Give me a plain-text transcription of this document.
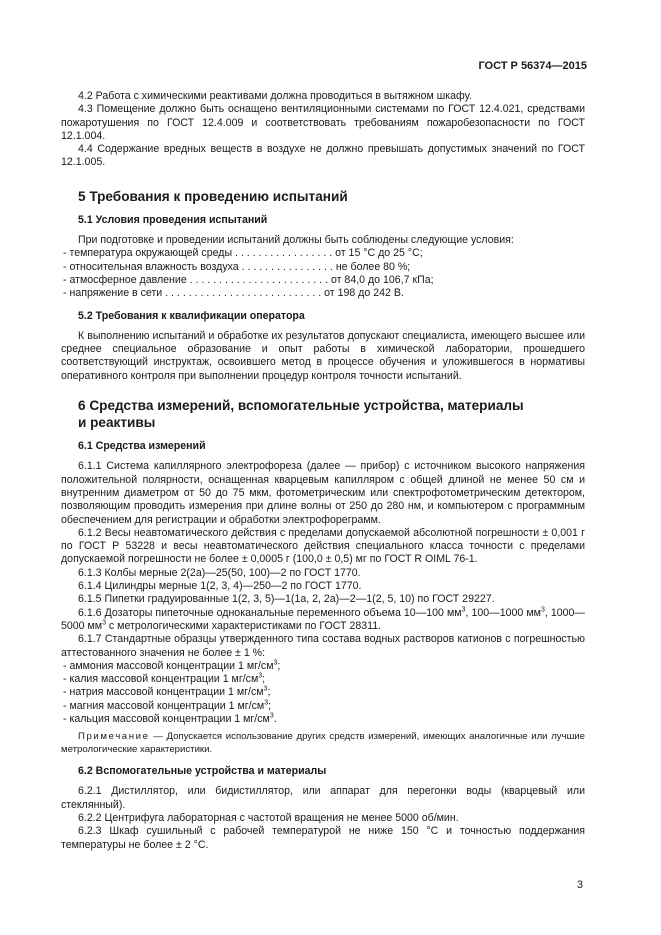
ГОСТ Р 56374—2015

4.2 Работа с химическими реактивами должна проводиться в вытяжном шкафу.

4.3 Помещение должно быть оснащено вентиляционными системами по ГОСТ 12.4.021, средствами пожаротушения по ГОСТ 12.4.009 и соответствовать требованиям пожаробезопасности по ГОСТ 12.1.004.

4.4 Содержание вредных веществ в воздухе не должно превышать допустимых значений по ГОСТ 12.1.005.

5 Требования к проведению испытаний
5.1 Условия проведения испытаний

При подготовке и проведении испытаний должны быть соблюдены следующие условия:

- температура окружающей среды . . . . . . . . . . . . . . . . . от 15 °С до 25 °С;
- относительная влажность воздуха . . . . . . . . . . . . . . . . не более 80 %;
- атмосферное давление . . . . . . . . . . . . . . . . . . . . . . . . от 84,0 до 106,7 кПа;
- напряжение в сети . . . . . . . . . . . . . . . . . . . . . . . . . . . от 198 до 242 В.
5.2 Требования к квалификации оператора

К выполнению испытаний и обработке их результатов допускают специалиста, имеющего высшее или среднее специальное образование и опыт работы в химической лаборатории, прошедшего соответствующий инструктаж, освоившего метод в процессе обучения и уложившегося в нормативы оперативного контроля при выполнении процедур контроля точности испытаний.

6 Средства измерений, вспомогательные устройства, материалы
и реактивы
6.1 Средства измерений

6.1.1 Система капиллярного электрофореза (далее — прибор) с источником высокого напряжения положительной полярности, оснащенная кварцевым капилляром с общей длиной не менее 50 см и внутренним диаметром от 50 до 75 мкм, фотометрическим или спектрофотометрическим детектором, позволяющим проводить измерения при длине волны от 250 до 280 нм, и компьютером с программным обеспечением для регистрации и обработки электрофореграмм.

6.1.2 Весы неавтоматического действия с пределами допускаемой абсолютной погрешности ± 0,001 г по ГОСТ Р 53228 и весы неавтоматического действия специального класса точности с пределами допускаемой погрешности не более ± 0,0005 г (100,0 ± 0,5) мг по ГОСТ R OIML 76-1.

6.1.3 Колбы мерные 2(2а)—25(50, 100)—2 по ГОСТ 1770.

6.1.4 Цилиндры мерные 1(2, 3, 4)—250—2 по ГОСТ 1770.

6.1.5 Пипетки градуированные 1(2, 3, 5)—1(1а, 2, 2а)—2—1(2, 5, 10) по ГОСТ 29227.

6.1.6 Дозаторы пипеточные одноканальные переменного объема 10—100 $мм^3$, 100—1000 $мм^3$, 1000—5000 $мм^3$ с метрологическими характеристиками по ГОСТ 28311.

6.1.7 Стандартные образцы утвержденного типа состава водных растворов катионов с погрешностью аттестованного значения не более ± 1 %:

- аммония массовой концентрации 1 $мг/см^3$;
- калия массовой концентрации 1 $мг/см^3$;
- натрия массовой концентрации 1 $мг/см^3$;
- магния массовой концентрации 1 $мг/см^3$;
- кальция массовой концентрации 1 $мг/см^3$.

Примечание — Допускается использование других средств измерений, имеющих аналогичные или лучшие метрологические характеристики.

6.2 Вспомогательные устройства и материалы

6.2.1 Дистиллятор, или бидистиллятор, или аппарат для перегонки воды (кварцевый или стеклянный).

6.2.2 Центрифуга лабораторная с частотой вращения не менее 5000 об/мин.

6.2.3 Шкаф сушильный с рабочей температурой не ниже 150 °С и точностью поддержания температуры не более ± 2 °С.

3
